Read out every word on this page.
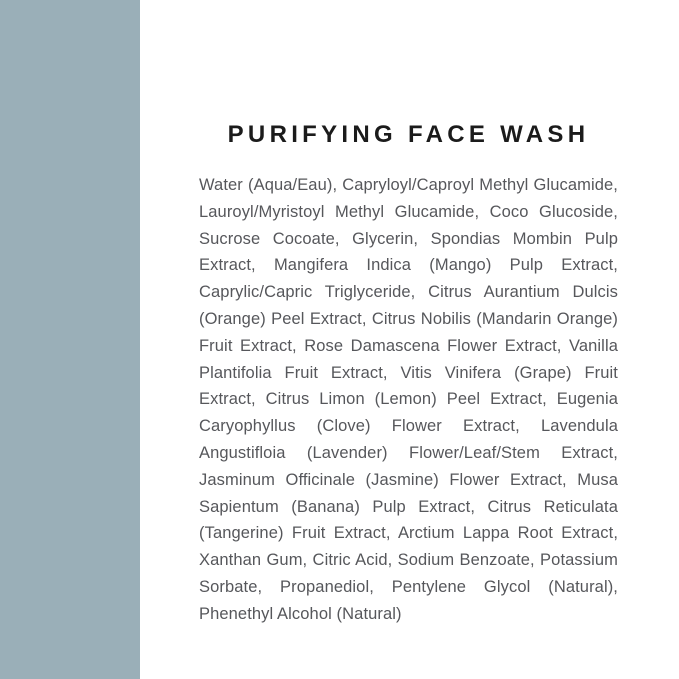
PURIFYING FACE WASH

Water (Aqua/Eau), Capryloyl/Caproyl Methyl Glucamide, Lauroyl/Myristoyl Methyl Glucamide, Coco Glucoside, Sucrose Cocoate, Glycerin, Spondias Mombin Pulp Extract, Mangifera Indica (Mango) Pulp Extract, Caprylic/Capric Triglyceride, Citrus Aurantium Dulcis (Orange) Peel Extract, Citrus Nobilis (Mandarin Orange) Fruit Extract, Rose Damascena Flower Extract, Vanilla Plantifolia Fruit Extract, Vitis Vinifera (Grape) Fruit Extract, Citrus Limon (Lemon) Peel Extract, Eugenia Caryophyllus (Clove) Flower Extract, Lavendula Angustifloia (Lavender) Flower/Leaf/Stem Extract, Jasminum Officinale (Jasmine) Flower Extract, Musa Sapientum (Banana) Pulp Extract, Citrus Reticulata (Tangerine) Fruit Extract, Arctium Lappa Root Extract, Xanthan Gum, Citric Acid, Sodium Benzoate, Potassium Sorbate, Propanediol, Pentylene Glycol (Natural), Phenethyl Alcohol (Natural)
